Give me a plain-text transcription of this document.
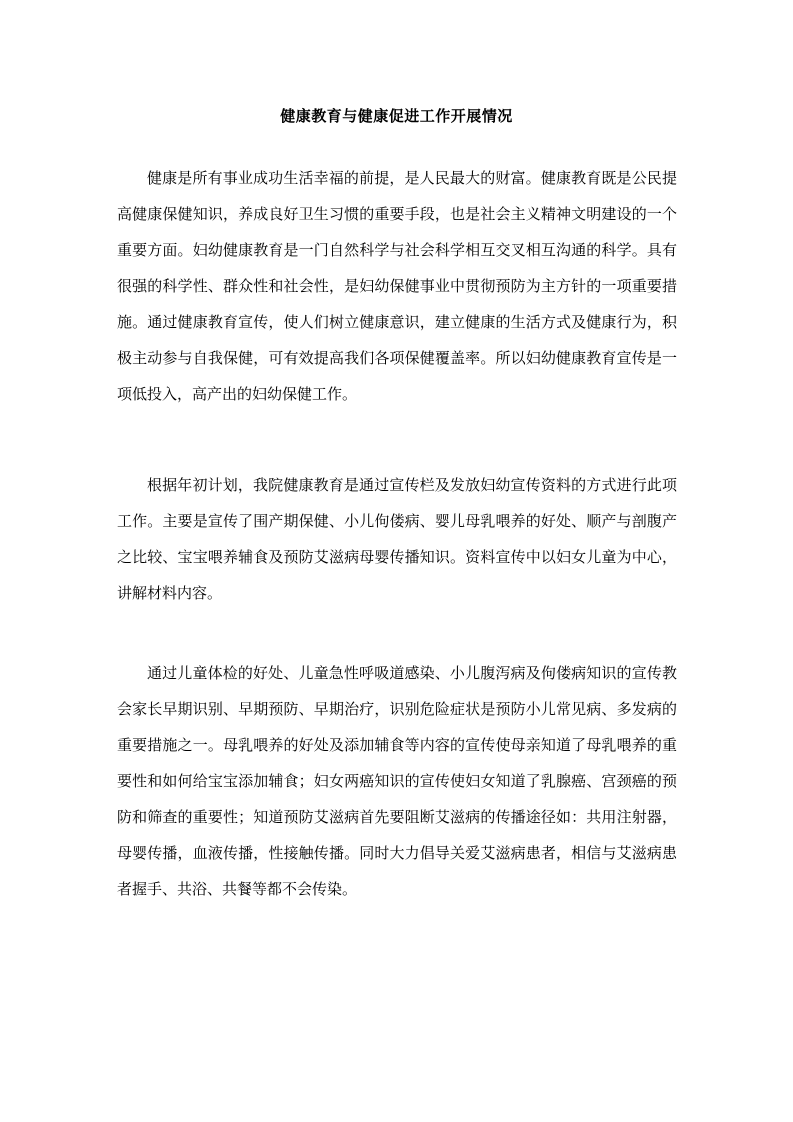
健康教育与健康促进工作开展情况

健康是所有事业成功生活幸福的前提，是人民最大的财富。健康教育既是公民提高健康保健知识，养成良好卫生习惯的重要手段，也是社会主义精神文明建设的一个重要方面。妇幼健康教育是一门自然科学与社会科学相互交叉相互沟通的科学。具有很强的科学性、群众性和社会性，是妇幼保健事业中贯彻预防为主方针的一项重要措施。通过健康教育宣传，使人们树立健康意识，建立健康的生活方式及健康行为，积极主动参与自我保健，可有效提高我们各项保健覆盖率。所以妇幼健康教育宣传是一项低投入，高产出的妇幼保健工作。

根据年初计划，我院健康教育是通过宣传栏及发放妇幼宣传资料的方式进行此项工作。主要是宣传了围产期保健、小儿佝偻病、婴儿母乳喂养的好处、顺产与剖腹产之比较、宝宝喂养辅食及预防艾滋病母婴传播知识。资料宣传中以妇女儿童为中心，讲解材料内容。

通过儿童体检的好处、儿童急性呼吸道感染、小儿腹泻病及佝偻病知识的宣传教会家长早期识别、早期预防、早期治疗，识别危险症状是预防小儿常见病、多发病的重要措施之一。母乳喂养的好处及添加辅食等内容的宣传使母亲知道了母乳喂养的重要性和如何给宝宝添加辅食；妇女两癌知识的宣传使妇女知道了乳腺癌、宫颈癌的预防和筛查的重要性；知道预防艾滋病首先要阻断艾滋病的传播途径如：共用注射器，母婴传播，血液传播，性接触传播。同时大力倡导关爱艾滋病患者，相信与艾滋病患者握手、共浴、共餐等都不会传染。
